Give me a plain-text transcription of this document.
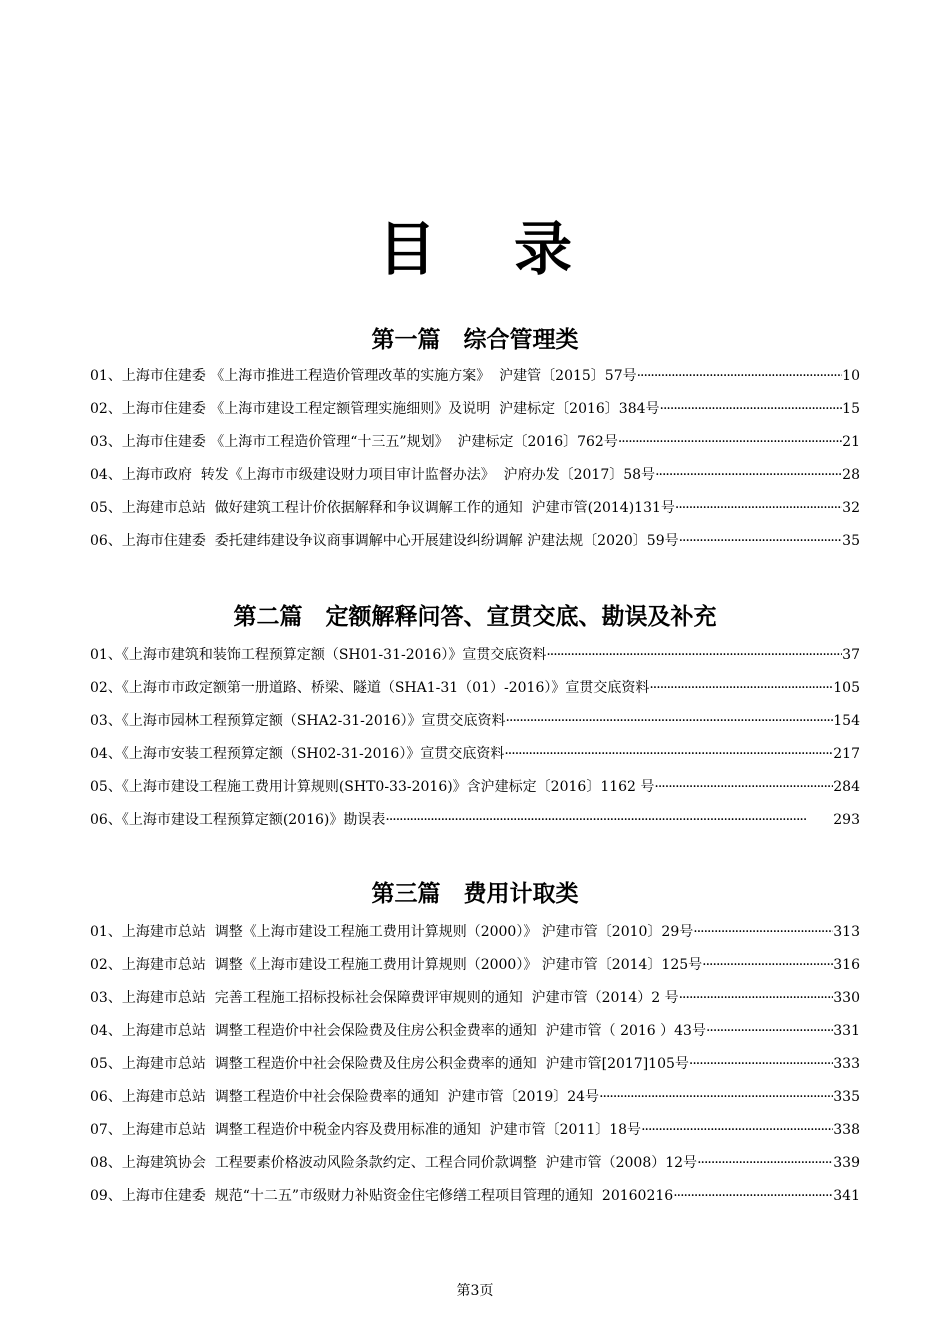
目录
第一篇　综合管理类
01、上海市住建委 《上海市推进工程造价管理改革的实施方案》  沪建管〔2015〕57号 ·····	10
02、上海市住建委 《上海市建设工程定额管理实施细则》及说明  沪建标定〔2016〕384号 ·····	15
03、上海市住建委 《上海市工程造价管理“十三五”规划》  沪建标定〔2016〕762号 ·····	21
04、上海市政府  转发《上海市市级建设财力项目审计监督办法》  沪府办发〔2017〕58号 ·····	28
05、上海建市总站  做好建筑工程计价依据解释和争议调解工作的通知  沪建市管(2014)131号 ·····	32
06、上海市住建委  委托建纬建设争议商事调解中心开展建设纠纷调解 沪建法规〔2020〕59号 ·····	35
第二篇　定额解释问答、宣贯交底、勘误及补充
01、《上海市建筑和装饰工程预算定额（SH01-31-2016）》宣贯交底资料 ·····	37
02、《上海市市政定额第一册道路、桥梁、隧道（SHA1-31（01）-2016）》宣贯交底资料 ·····	105
03、《上海市园林工程预算定额（SHA2-31-2016）》宣贯交底资料 ·····	154
04、《上海市安装工程预算定额（SH02-31-2016）》宣贯交底资料 ·····	217
05、《上海市建设工程施工费用计算规则(SHT0-33-2016)》含沪建标定〔2016〕1162 号 ·····	284
06、《上海市建设工程预算定额(2016)》勘误表 ·····	293
第三篇　费用计取类
01、上海建市总站  调整《上海市建设工程施工费用计算规则（2000）》 沪建市管〔2010〕29号 ·····	313
02、上海建市总站  调整《上海市建设工程施工费用计算规则（2000）》 沪建市管〔2014〕125号 ·····	316
03、上海建市总站  完善工程施工招标投标社会保障费评审规则的通知  沪建市管（2014）2 号 ·····	330
04、上海建市总站  调整工程造价中社会保险费及住房公积金费率的通知  沪建市管（ 2016 ）43号 ·····	331
05、上海建市总站  调整工程造价中社会保险费及住房公积金费率的通知  沪建市管[2017]105号 ·····	333
06、上海建市总站  调整工程造价中社会保险费率的通知  沪建市管〔2019〕24号 ·····	335
07、上海建市总站  调整工程造价中税金内容及费用标准的通知  沪建市管〔2011〕18号 ·····	338
08、上海建筑协会  工程要素价格波动风险条款约定、工程合同价款调整  沪建市管（2008）12号 ·····	339
09、上海市住建委  规范“十二五”市级财力补贴资金住宅修缮工程项目管理的通知  20160216 ·····	341
第3页
